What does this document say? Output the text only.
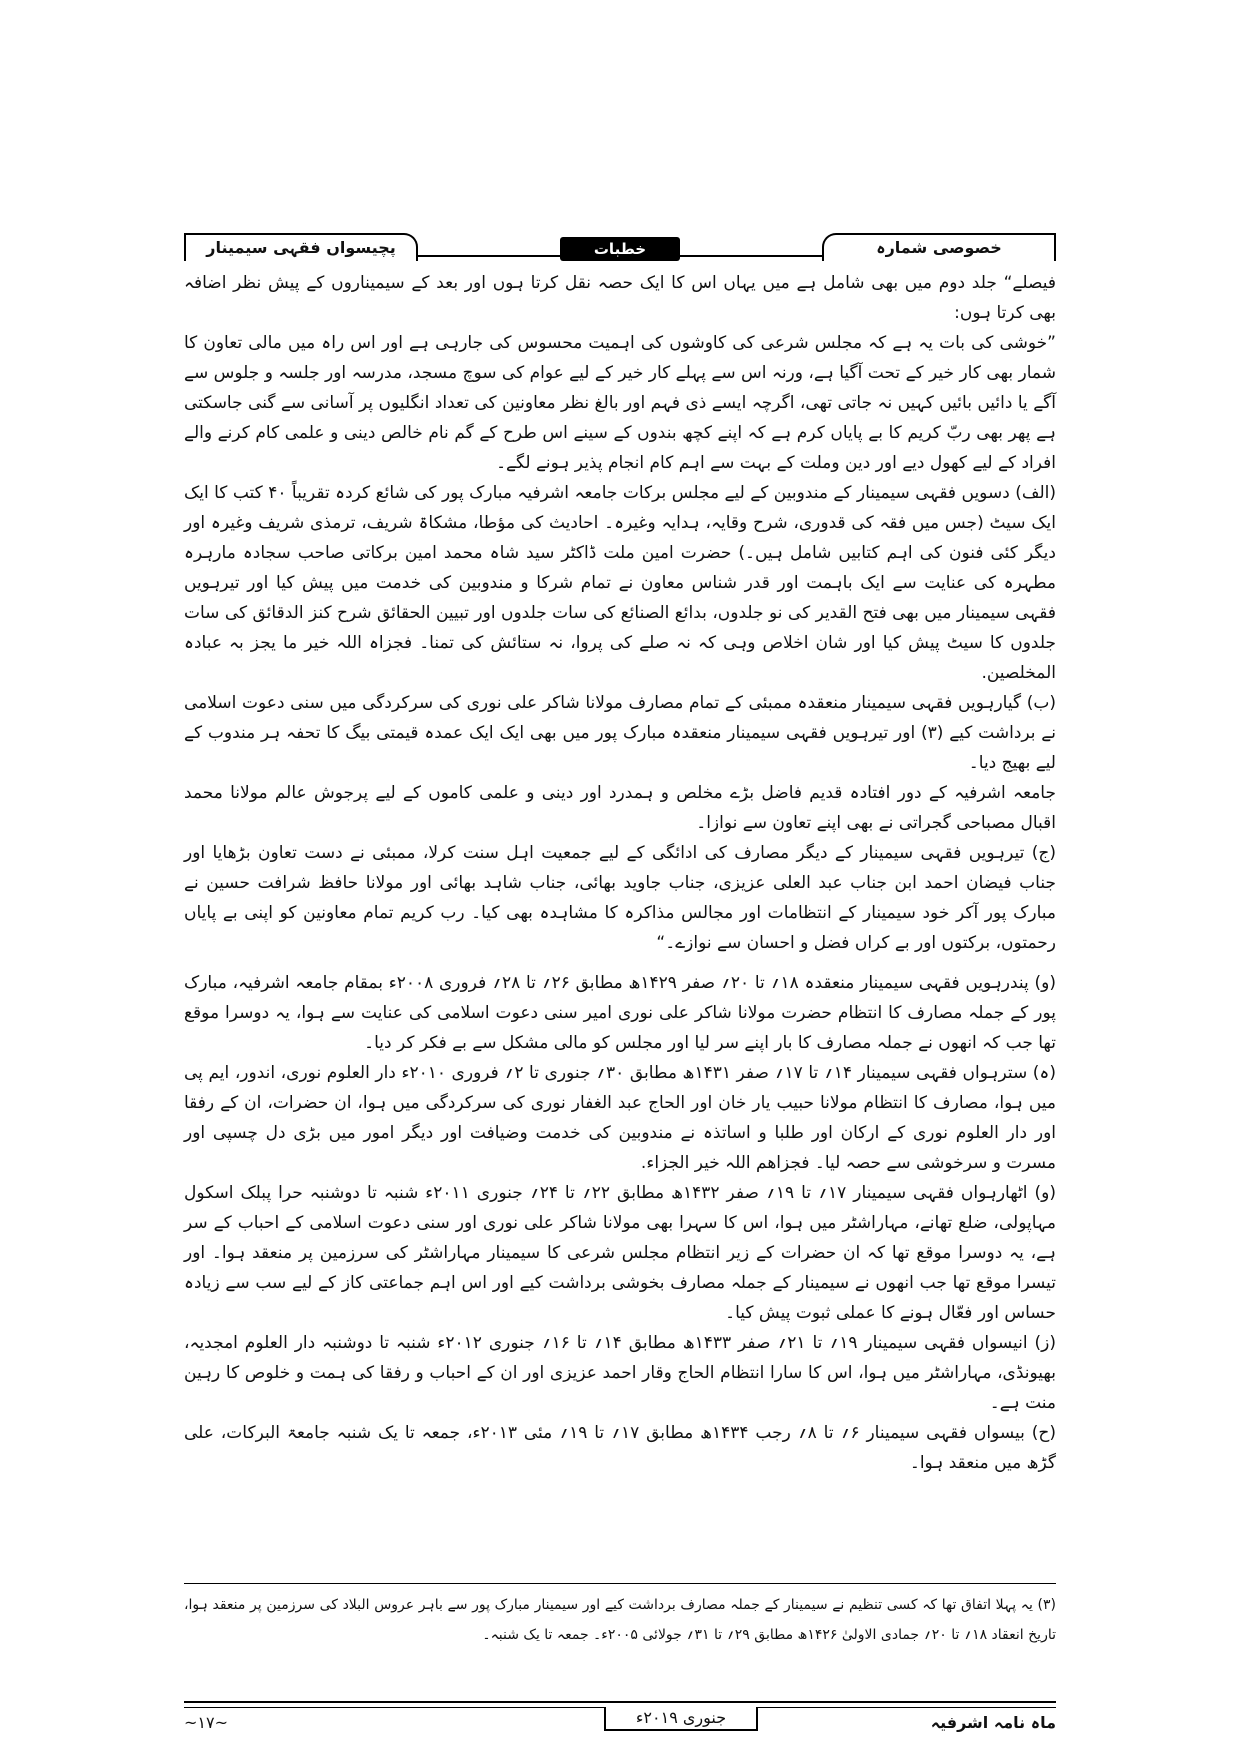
پچیسواں فقہی سیمینار	خطبات	خصوصی شمارہ

فیصلے“ جلد دوم میں بھی شامل ہے میں یہاں اس کا ایک حصہ نقل کرتا ہوں اور بعد کے سیمیناروں کے پیش نظر اضافہ بھی کرتا ہوں:

”خوشی کی بات یہ ہے کہ مجلس شرعی کی کاوشوں کی اہمیت محسوس کی جارہی ہے اور اس راہ میں مالی تعاون کا شمار بھی کار خیر کے تحت آگیا ہے، ورنہ اس سے پہلے کار خیر کے لیے عوام کی سوچ مسجد، مدرسہ اور جلسہ و جلوس سے آگے یا دائیں بائیں کہیں نہ جاتی تھی، اگرچہ ایسے ذی فہم اور بالغ نظر معاونین کی تعداد انگلیوں پر آسانی سے گنی جاسکتی ہے پھر بھی ربّ کریم کا بے پایاں کرم ہے کہ اپنے کچھ بندوں کے سینے اس طرح کے گم نام خالص دینی و علمی کام کرنے والے افراد کے لیے کھول دیے اور دین وملت کے بہت سے اہم کام انجام پذیر ہونے لگے۔

(الف) دسویں فقہی سیمینار کے مندوبین کے لیے مجلس برکات جامعہ اشرفیہ مبارک پور کی شائع کردہ تقریباً ۴۰ کتب کا ایک ایک سیٹ (جس میں فقہ کی قدوری، شرح وقایہ، ہدایہ وغیرہ۔ احادیث کی مؤطا، مشکاۃ شریف، ترمذی شریف وغیرہ اور دیگر کئی فنون کی اہم کتابیں شامل ہیں۔) حضرت امین ملت ڈاکٹر سید شاہ محمد امین برکاتی صاحب سجادہ مارہرہ مطہرہ کی عنایت سے ایک باہمت اور قدر شناس معاون نے تمام شرکا و مندوبین کی خدمت میں پیش کیا اور تیرہویں فقہی سیمینار میں بھی فتح القدیر کی نو جلدوں، بدائع الصنائع کی سات جلدوں اور تبیین الحقائق شرح کنز الدقائق کی سات جلدوں کا سیٹ پیش کیا اور شان اخلاص وہی کہ نہ صلے کی پروا، نہ ستائش کی تمنا۔ فجزاہ اللہ خیر ما یجز بہ عبادہ المخلصین.

(ب) گیارہویں فقہی سیمینار منعقدہ ممبئی کے تمام مصارف مولانا شاکر علی نوری کی سرکردگی میں سنی دعوت اسلامی نے برداشت کیے (۳) اور تیرہویں فقہی سیمینار منعقدہ مبارک پور میں بھی ایک ایک عمدہ قیمتی بیگ کا تحفہ ہر مندوب کے لیے بھیج دیا۔

جامعہ اشرفیہ کے دور افتادہ قدیم فاضل بڑے مخلص و ہمدرد اور دینی و علمی کاموں کے لیے پرجوش عالم مولانا محمد اقبال مصباحی گجراتی نے بھی اپنے تعاون سے نوازا۔

(ج) تیرہویں فقہی سیمینار کے دیگر مصارف کی ادائگی کے لیے جمعیت اہل سنت کرلا، ممبئی نے دست تعاون بڑھایا اور جناب فیضان احمد ابن جناب عبد العلی عزیزی، جناب جاوید بھائی، جناب شاہد بھائی اور مولانا حافظ شرافت حسین نے مبارک پور آکر خود سیمینار کے انتظامات اور مجالس مذاکرہ کا مشاہدہ بھی کیا۔ رب کریم تمام معاونین کو اپنی بے پایاں رحمتوں، برکتوں اور بے کراں فضل و احسان سے نوازے۔“

(و) پندرہویں فقہی سیمینار منعقدہ ۱۸؍ تا ۲۰؍ صفر ۱۴۲۹ھ مطابق ۲۶؍ تا ۲۸؍ فروری ۲۰۰۸ء بمقام جامعہ اشرفیہ، مبارک پور کے جملہ مصارف کا انتظام حضرت مولانا شاکر علی نوری امیر سنی دعوت اسلامی کی عنایت سے ہوا، یہ دوسرا موقع تھا جب کہ انھوں نے جملہ مصارف کا بار اپنے سر لیا اور مجلس کو مالی مشکل سے بے فکر کر دیا۔

(ہ) سترہواں فقہی سیمینار ۱۴؍ تا ۱۷؍ صفر ۱۴۳۱ھ مطابق ۳۰؍ جنوری تا ۲؍ فروری ۲۰۱۰ء دار العلوم نوری، اندور، ایم پی میں ہوا، مصارف کا انتظام مولانا حبیب یار خان اور الحاج عبد الغفار نوری کی سرکردگی میں ہوا، ان حضرات، ان کے رفقا اور دار العلوم نوری کے ارکان اور طلبا و اساتذہ نے مندوبین کی خدمت وضیافت اور دیگر امور میں بڑی دل چسپی اور مسرت و سرخوشی سے حصہ لیا۔ فجزاھم اللہ خیر الجزاء.

(و) اٹھارہواں فقہی سیمینار ۱۷؍ تا ۱۹؍ صفر ۱۴۳۲ھ مطابق ۲۲؍ تا ۲۴؍ جنوری ۲۰۱۱ء شنبہ تا دوشنبہ حرا پبلک اسکول مہاپولی، ضلع تھانے، مہاراشٹر میں ہوا، اس کا سہرا بھی مولانا شاکر علی نوری اور سنی دعوت اسلامی کے احباب کے سر ہے، یہ دوسرا موقع تھا کہ ان حضرات کے زیر انتظام مجلس شرعی کا سیمینار مہاراشٹر کی سرزمین پر منعقد ہوا۔ اور تیسرا موقع تھا جب انھوں نے سیمینار کے جملہ مصارف بخوشی برداشت کیے اور اس اہم جماعتی کاز کے لیے سب سے زیادہ حساس اور فعّال ہونے کا عملی ثبوت پیش کیا۔

(ز) انیسواں فقہی سیمینار ۱۹؍ تا ۲۱؍ صفر ۱۴۳۳ھ مطابق ۱۴؍ تا ۱۶؍ جنوری ۲۰۱۲ء شنبہ تا دوشنبہ دار العلوم امجدیہ، بھیونڈی، مہاراشٹر میں ہوا، اس کا سارا انتظام الحاج وقار احمد عزیزی اور ان کے احباب و رفقا کی ہمت و خلوص کا رہین منت ہے۔

(ح) بیسواں فقہی سیمینار ۶؍ تا ۸؍ رجب ۱۴۳۴ھ مطابق ۱۷؍ تا ۱۹؍ مئی ۲۰۱۳ء، جمعہ تا یک شنبہ جامعۃ البرکات، علی گڑھ میں منعقد ہوا۔

(۳) یہ پہلا اتفاق تھا کہ کسی تنظیم نے سیمینار کے جملہ مصارف برداشت کیے اور سیمینار مبارک پور سے باہر عروس البلاد کی سرزمین پر منعقد ہوا، تاریخ انعقاد ۱۸؍ تا ۲۰؍ جمادی الاولیٰ ۱۴۲۶ھ مطابق ۲۹؍ تا ۳۱؍ جولائی ۲۰۰۵ء۔ جمعہ تا یک شنبہ۔

ماہ نامہ اشرفیہ
جنوری ۲۰۱۹ء
~۱۷~
